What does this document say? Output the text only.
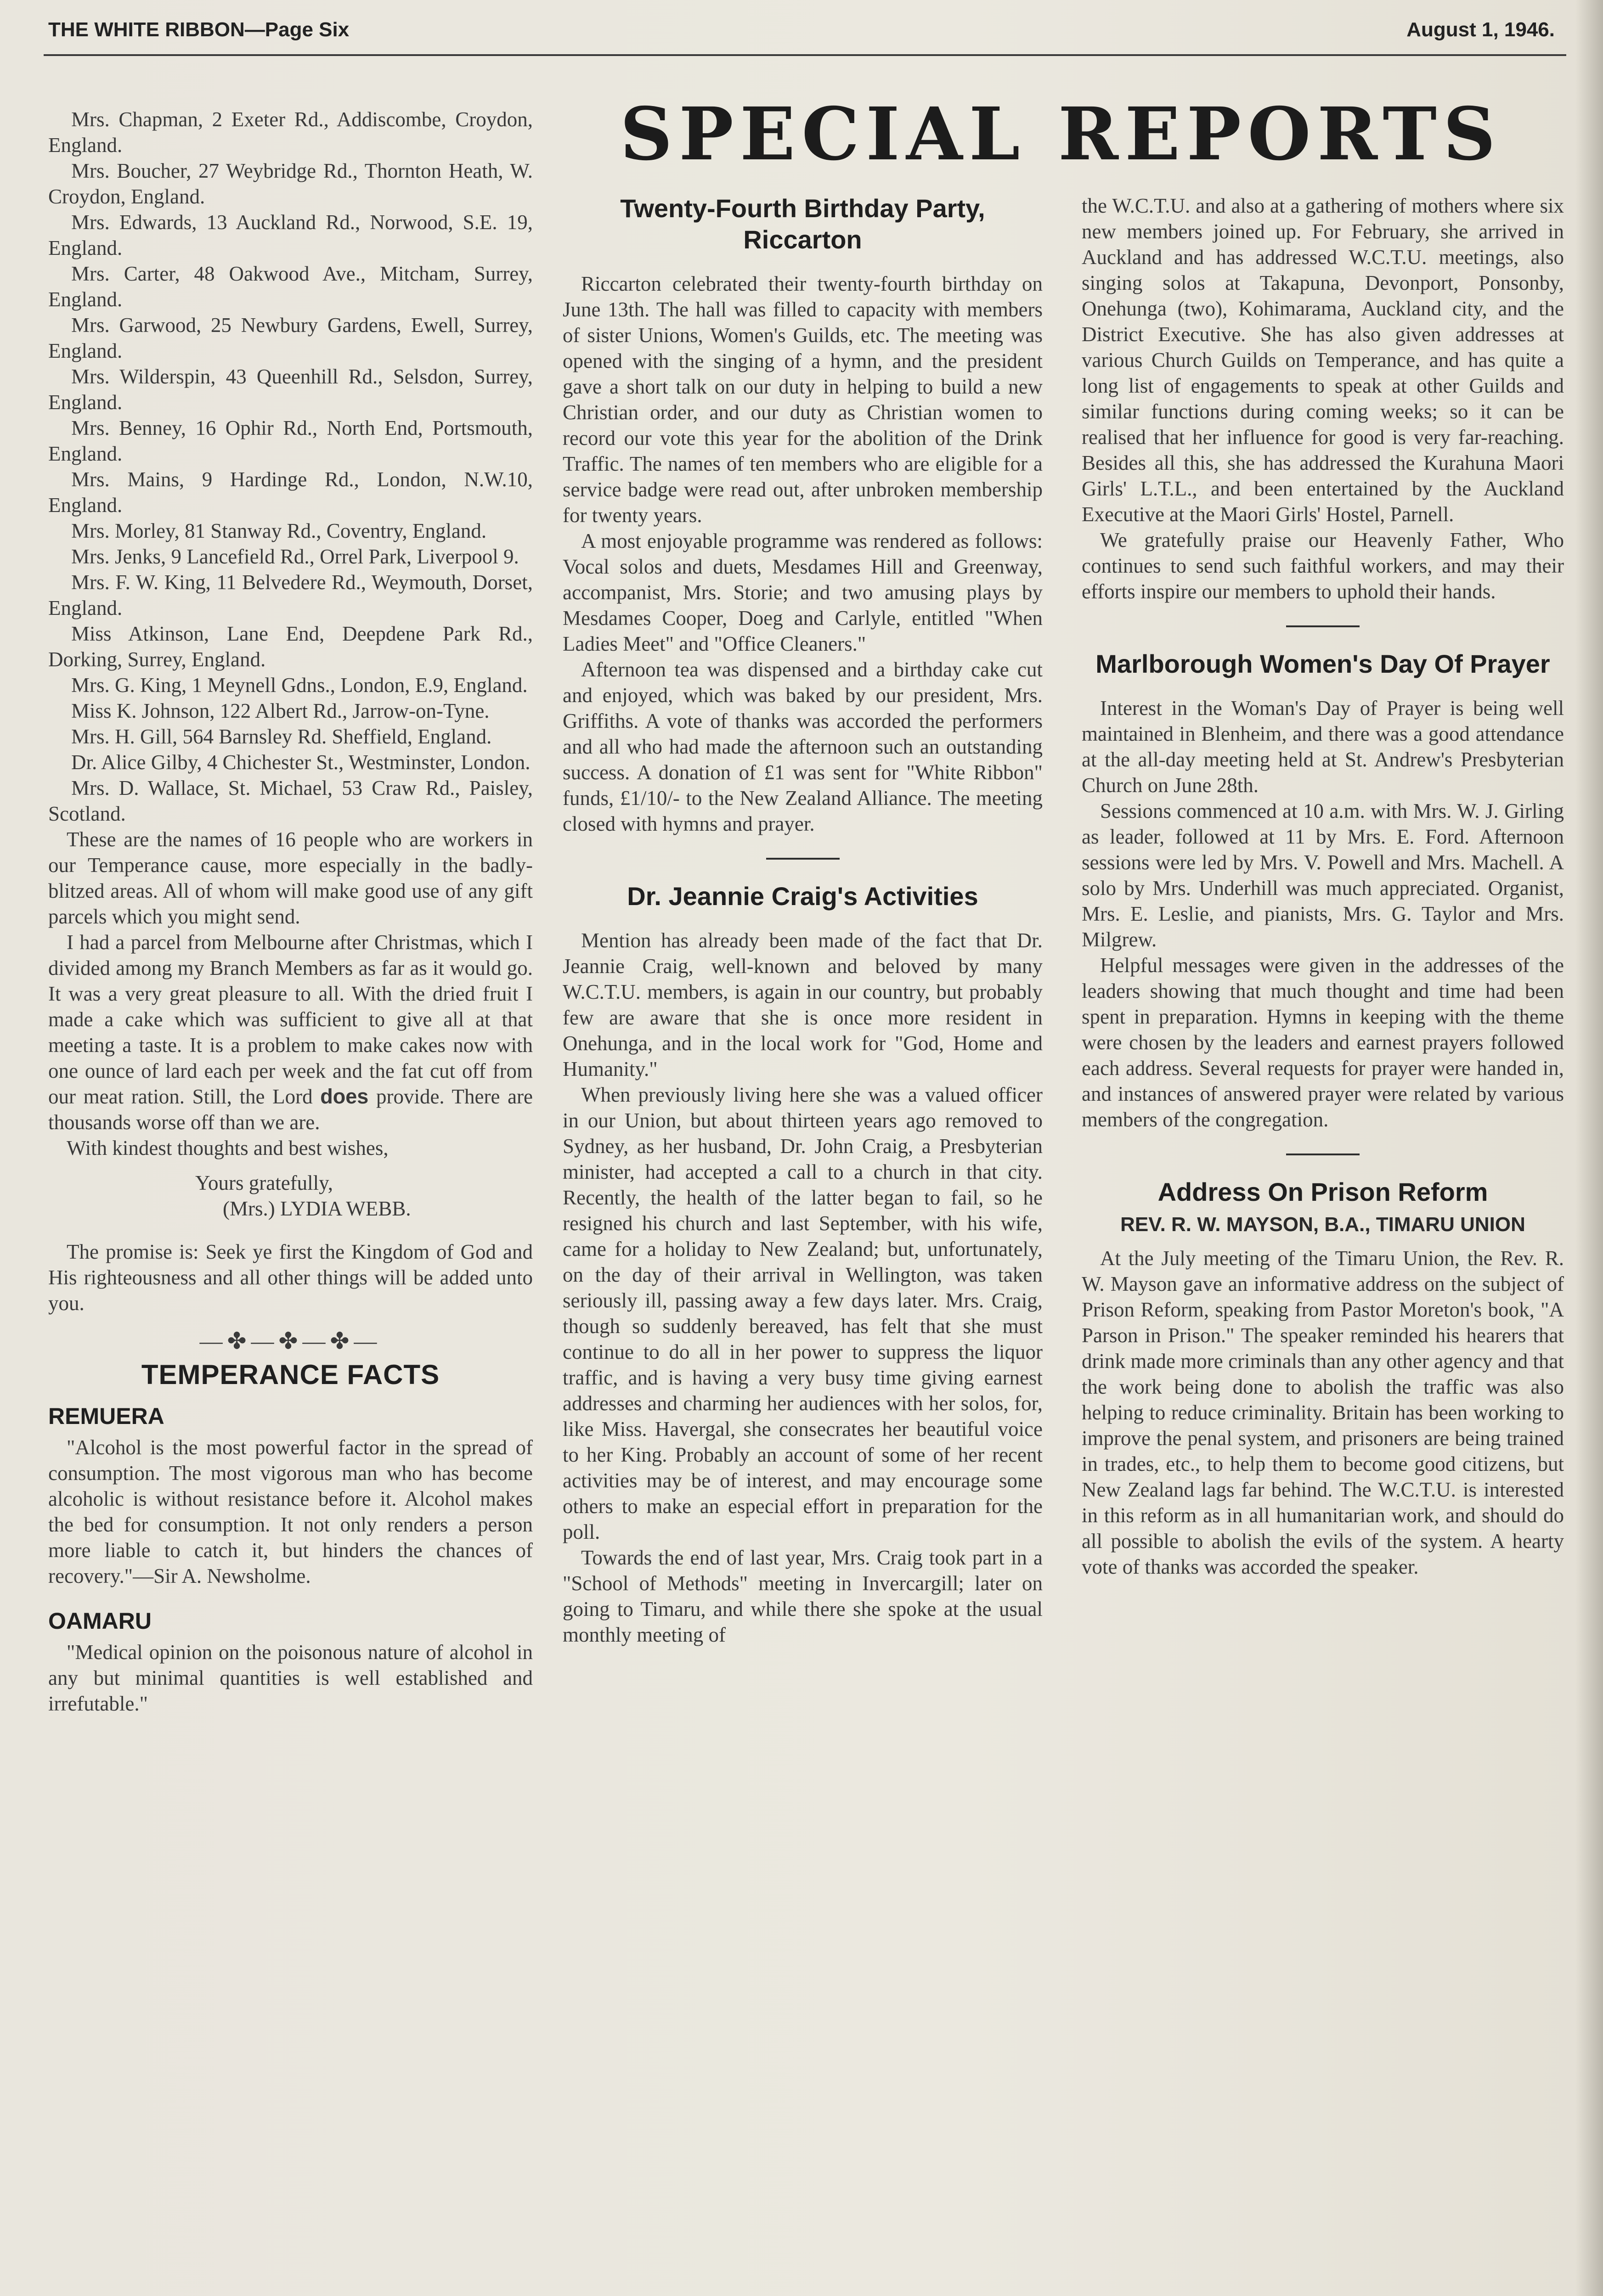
THE WHITE RIBBON—Page Six	August 1, 1946.
SPECIAL REPORTS

Mrs. Chapman, 2 Exeter Rd., Addiscombe, Croydon, England.

Mrs. Boucher, 27 Weybridge Rd., Thornton Heath, W. Croydon, England.

Mrs. Edwards, 13 Auckland Rd., Norwood, S.E. 19, England.

Mrs. Carter, 48 Oakwood Ave., Mitcham, Surrey, England.

Mrs. Garwood, 25 Newbury Gardens, Ewell, Surrey, England.

Mrs. Wilderspin, 43 Queenhill Rd., Selsdon, Surrey, England.

Mrs. Benney, 16 Ophir Rd., North End, Portsmouth, England.

Mrs. Mains, 9 Hardinge Rd., London, N.W.10, England.

Mrs. Morley, 81 Stanway Rd., Coventry, England.

Mrs. Jenks, 9 Lancefield Rd., Orrel Park, Liverpool 9.

Mrs. F. W. King, 11 Belvedere Rd., Weymouth, Dorset, England.

Miss Atkinson, Lane End, Deepdene Park Rd., Dorking, Surrey, England.

Mrs. G. King, 1 Meynell Gdns., London, E.9, England.

Miss K. Johnson, 122 Albert Rd., Jarrow-on-Tyne.

Mrs. H. Gill, 564 Barnsley Rd. Sheffield, England.

Dr. Alice Gilby, 4 Chichester St., Westminster, London.

Mrs. D. Wallace, St. Michael, 53 Craw Rd., Paisley, Scotland.

These are the names of 16 people who are workers in our Temperance cause, more especially in the badly-blitzed areas. All of whom will make good use of any gift parcels which you might send.

I had a parcel from Melbourne after Christmas, which I divided among my Branch Members as far as it would go. It was a very great pleasure to all. With the dried fruit I made a cake which was sufficient to give all at that meeting a taste. It is a problem to make cakes now with one ounce of lard each per week and the fat cut off from our meat ration. Still, the Lord does provide. There are thousands worse off than we are.

With kindest thoughts and best wishes,

Yours gratefully,

(Mrs.) LYDIA WEBB.

The promise is: Seek ye first the Kingdom of God and His righteousness and all other things will be added unto you.

—✤—✤—✤—
TEMPERANCE FACTS
REMUERA

"Alcohol is the most powerful factor in the spread of consumption. The most vigorous man who has become alcoholic is without resistance before it. Alcohol makes the bed for consumption. It not only renders a person more liable to catch it, but hinders the chances of recovery."—Sir A. Newsholme.

OAMARU

"Medical opinion on the poisonous nature of alcohol in any but minimal quantities is well established and irrefutable."

Twenty-Fourth Birthday Party, Riccarton

Riccarton celebrated their twenty-fourth birthday on June 13th. The hall was filled to capacity with members of sister Unions, Women's Guilds, etc. The meeting was opened with the singing of a hymn, and the president gave a short talk on our duty in helping to build a new Christian order, and our duty as Christian women to record our vote this year for the abolition of the Drink Traffic. The names of ten members who are eligible for a service badge were read out, after unbroken membership for twenty years.

A most enjoyable programme was rendered as follows: Vocal solos and duets, Mesdames Hill and Greenway, accompanist, Mrs. Storie; and two amusing plays by Mesdames Cooper, Doeg and Carlyle, entitled "When Ladies Meet" and "Office Cleaners."

Afternoon tea was dispensed and a birthday cake cut and enjoyed, which was baked by our president, Mrs. Griffiths. A vote of thanks was accorded the performers and all who had made the afternoon such an outstanding success. A donation of £1 was sent for "White Ribbon" funds, £1/10/- to the New Zealand Alliance. The meeting closed with hymns and prayer.

Dr. Jeannie Craig's Activities

Mention has already been made of the fact that Dr. Jeannie Craig, well-known and beloved by many W.C.T.U. members, is again in our country, but probably few are aware that she is once more resident in Onehunga, and in the local work for "God, Home and Humanity."

When previously living here she was a valued officer in our Union, but about thirteen years ago removed to Sydney, as her husband, Dr. John Craig, a Presbyterian minister, had accepted a call to a church in that city. Recently, the health of the latter began to fail, so he resigned his church and last September, with his wife, came for a holiday to New Zealand; but, unfortunately, on the day of their arrival in Wellington, was taken seriously ill, passing away a few days later. Mrs. Craig, though so suddenly bereaved, has felt that she must continue to do all in her power to suppress the liquor traffic, and is having a very busy time giving earnest addresses and charming her audiences with her solos, for, like Miss. Havergal, she consecrates her beautiful voice to her King. Probably an account of some of her recent activities may be of interest, and may encourage some others to make an especial effort in preparation for the poll.

Towards the end of last year, Mrs. Craig took part in a "School of Methods" meeting in Invercargill; later on going to Timaru, and while there she spoke at the usual monthly meeting of

the W.C.T.U. and also at a gathering of mothers where six new members joined up. For February, she arrived in Auckland and has addressed W.C.T.U. meetings, also singing solos at Takapuna, Devonport, Ponsonby, Onehunga (two), Kohimarama, Auckland city, and the District Executive. She has also given addresses at various Church Guilds on Temperance, and has quite a long list of engagements to speak at other Guilds and similar functions during coming weeks; so it can be realised that her influence for good is very far-reaching. Besides all this, she has addressed the Kurahuna Maori Girls' L.T.L., and been entertained by the Auckland Executive at the Maori Girls' Hostel, Parnell.

We gratefully praise our Heavenly Father, Who continues to send such faithful workers, and may their efforts inspire our members to uphold their hands.

Marlborough Women's Day Of Prayer

Interest in the Woman's Day of Prayer is being well maintained in Blenheim, and there was a good attendance at the all-day meeting held at St. Andrew's Presbyterian Church on June 28th.

Sessions commenced at 10 a.m. with Mrs. W. J. Girling as leader, followed at 11 by Mrs. E. Ford. Afternoon sessions were led by Mrs. V. Powell and Mrs. Machell. A solo by Mrs. Underhill was much appreciated. Organist, Mrs. E. Leslie, and pianists, Mrs. G. Taylor and Mrs. Milgrew.

Helpful messages were given in the addresses of the leaders showing that much thought and time had been spent in preparation. Hymns in keeping with the theme were chosen by the leaders and earnest prayers followed each address. Several requests for prayer were handed in, and instances of answered prayer were related by various members of the congregation.

Address On Prison Reform
REV. R. W. MAYSON, B.A., TIMARU UNION

At the July meeting of the Timaru Union, the Rev. R. W. Mayson gave an informative address on the subject of Prison Reform, speaking from Pastor Moreton's book, "A Parson in Prison." The speaker reminded his hearers that drink made more criminals than any other agency and that the work being done to abolish the traffic was also helping to reduce criminality. Britain has been working to improve the penal system, and prisoners are being trained in trades, etc., to help them to become good citizens, but New Zealand lags far behind. The W.C.T.U. is interested in this reform as in all humanitarian work, and should do all possible to abolish the evils of the system. A hearty vote of thanks was accorded the speaker.
